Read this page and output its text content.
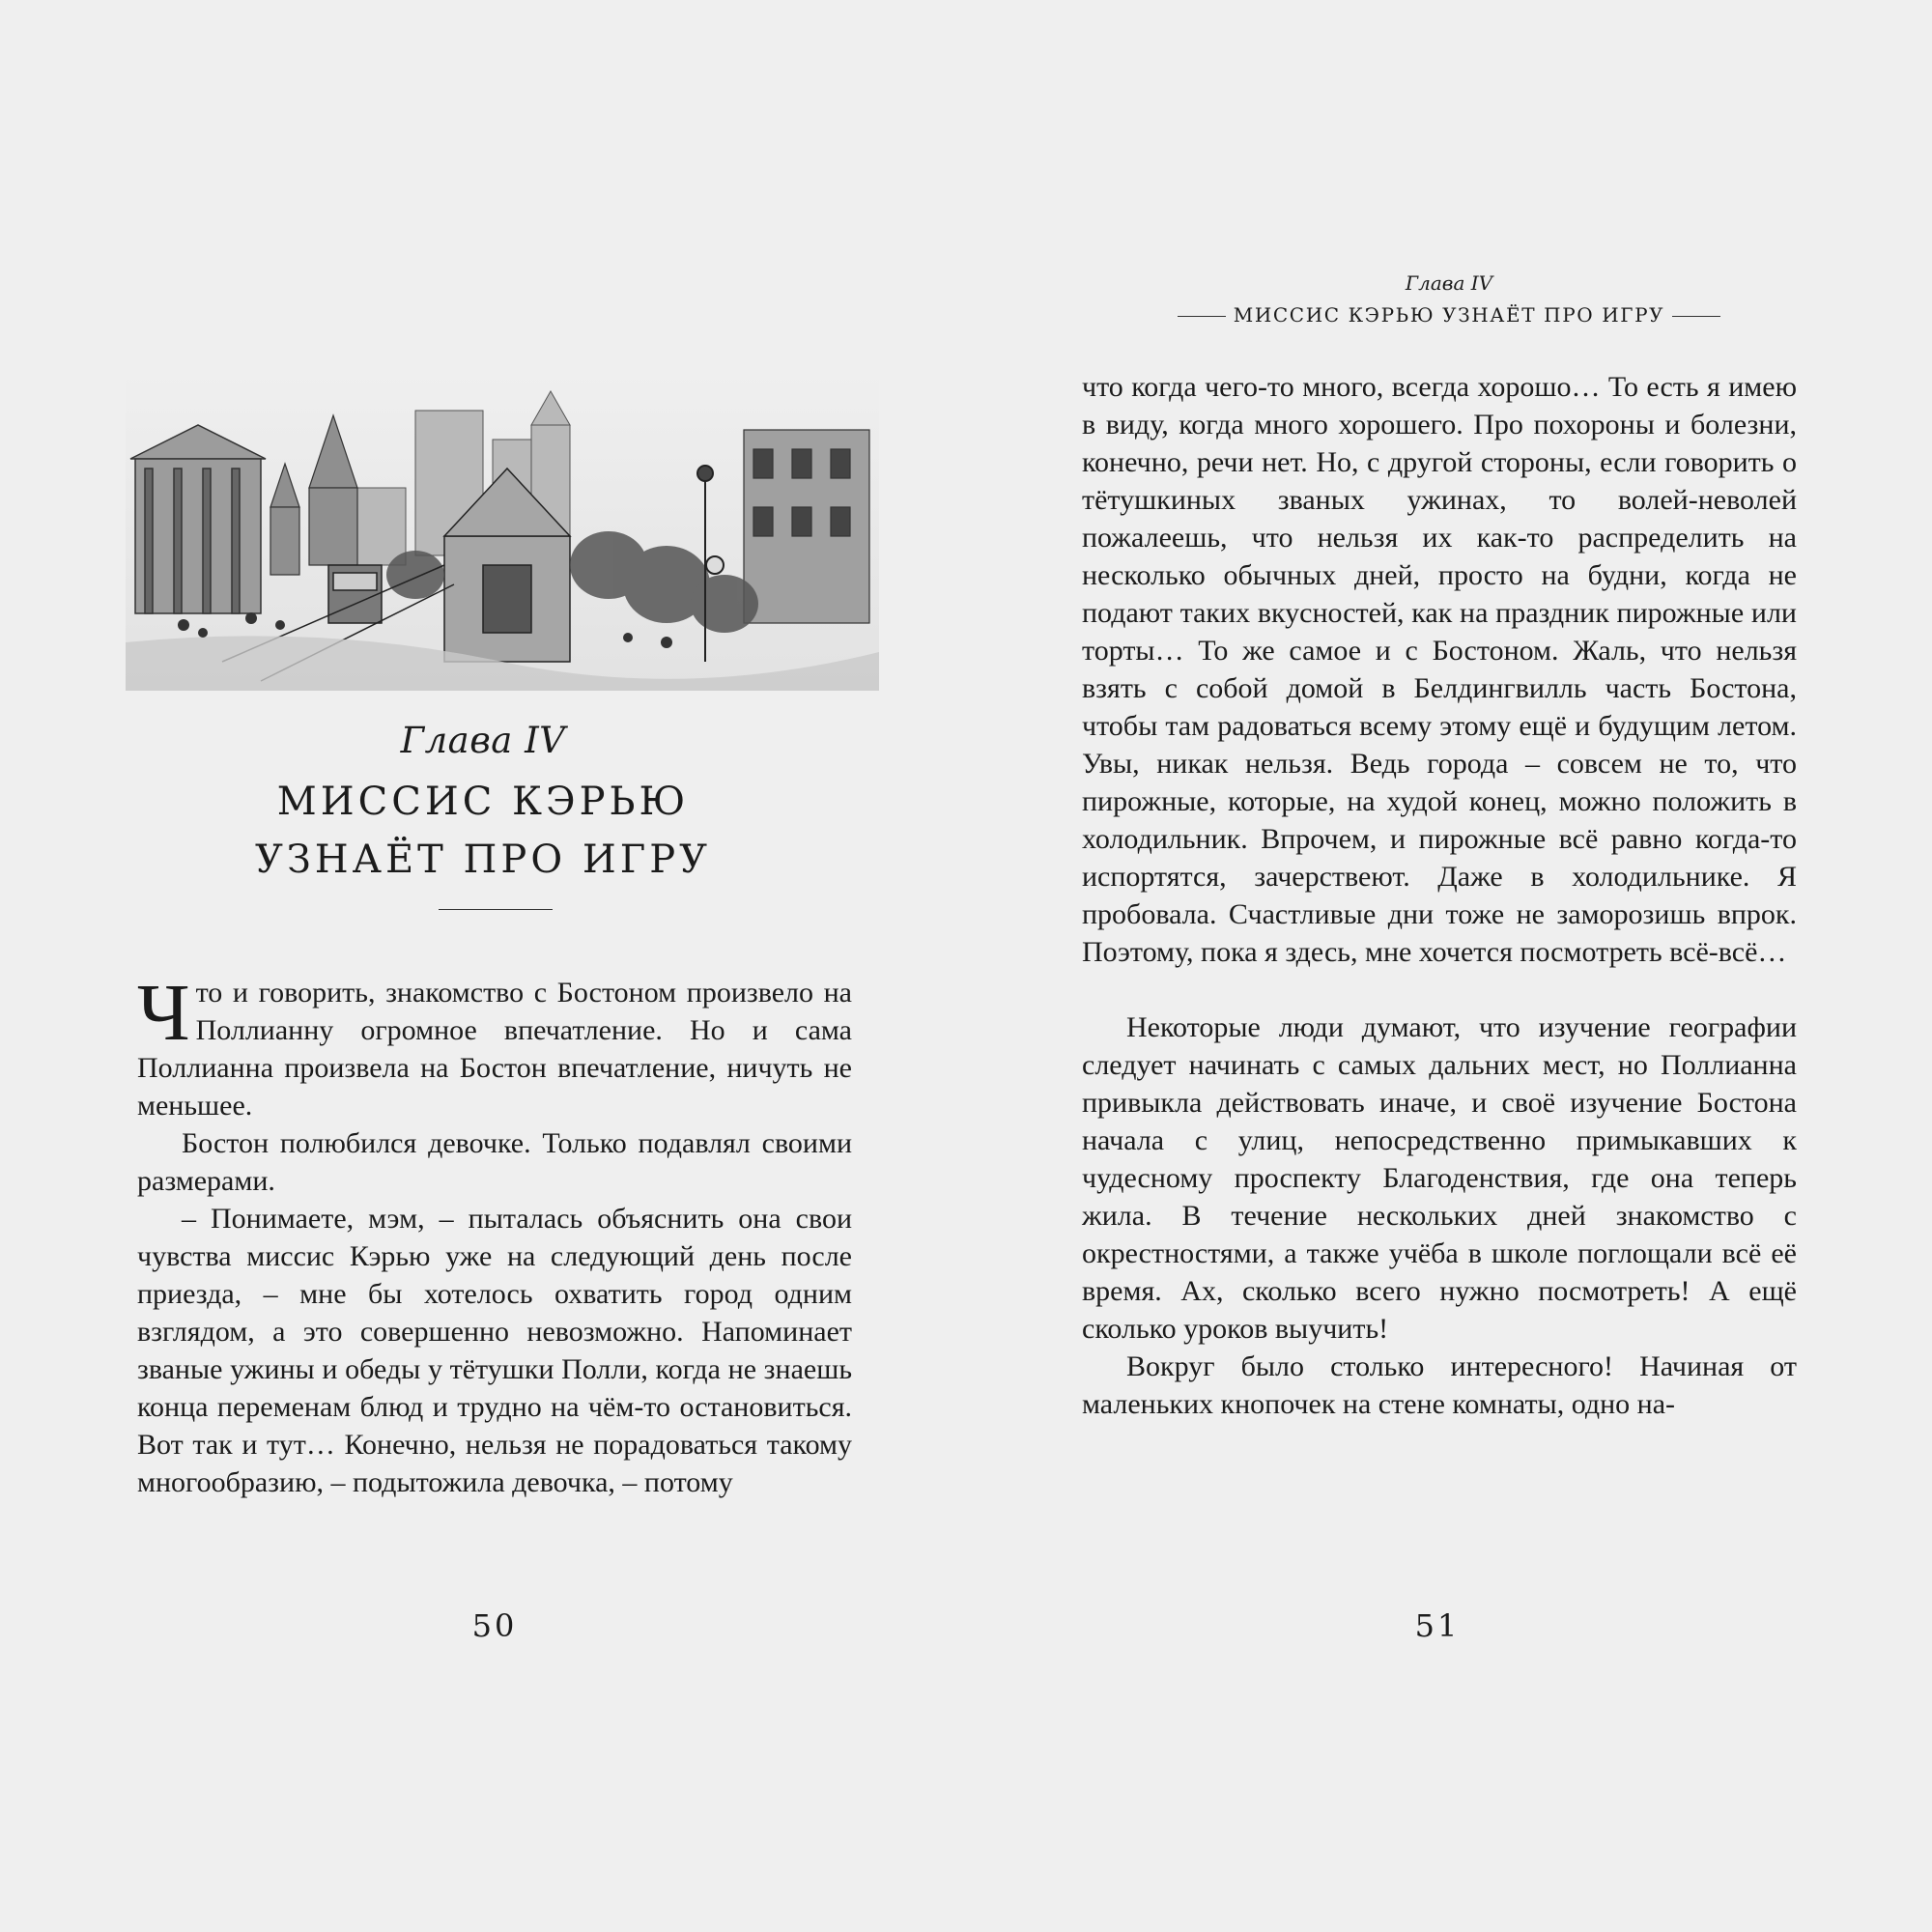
Глава IV
МИССИС КЭРЬЮ
УЗНАЁТ ПРО ИГРУ

Что и говорить, знакомство с Бостоном произвело на Поллианну огромное впечатление. Но и сама Поллианна произвела на Бостон впечатление, ничуть не меньшее.

Бостон полюбился девочке. Только подавлял своими размерами.

– Понимаете, мэм, – пыталась объяснить она свои чувства миссис Кэрью уже на следующий день после приезда, – мне бы хотелось охватить город одним взглядом, а это совершенно невозможно. Напоминает званые ужины и обеды у тётушки Полли, когда не знаешь конца переменам блюд и трудно на чём-то остановиться. Вот так и тут… Конечно, нельзя не порадоваться такому многообразию, – подытожила девочка, – потому

50
Глава IV
МИССИС КЭРЬЮ УЗНАЁТ ПРО ИГРУ

что когда чего-то много, всегда хорошо… То есть я имею в виду, когда много хорошего. Про похороны и болезни, конечно, речи нет. Но, с другой стороны, если говорить о тётушкиных званых ужинах, то волей-неволей пожалеешь, что нельзя их как-то распределить на несколько обычных дней, просто на будни, когда не подают таких вкусностей, как на праздник пирожные или торты… То же самое и с Бостоном. Жаль, что нельзя взять с собой домой в Белдингвилль часть Бостона, чтобы там радоваться всему этому ещё и будущим летом. Увы, никак нельзя. Ведь города – совсем не то, что пирожные, которые, на худой конец, можно положить в холодильник. Впрочем, и пирожные всё равно когда-то испортятся, зачерствеют. Даже в холодильнике. Я пробовала. Счастливые дни тоже не заморозишь впрок. Поэтому, пока я здесь, мне хочется посмотреть всё-всё…

Некоторые люди думают, что изучение географии следует начинать с самых дальних мест, но Поллианна привыкла действовать иначе, и своё изучение Бостона начала с улиц, непосредственно примыкавших к чудесному проспекту Благоденствия, где она теперь жила. В течение нескольких дней знакомство с окрестностями, а также учёба в школе поглощали всё её время. Ах, сколько всего нужно посмотреть! А ещё сколько уроков выучить!

Вокруг было столько интересного! Начиная от маленьких кнопочек на стене комнаты, одно на-

51
